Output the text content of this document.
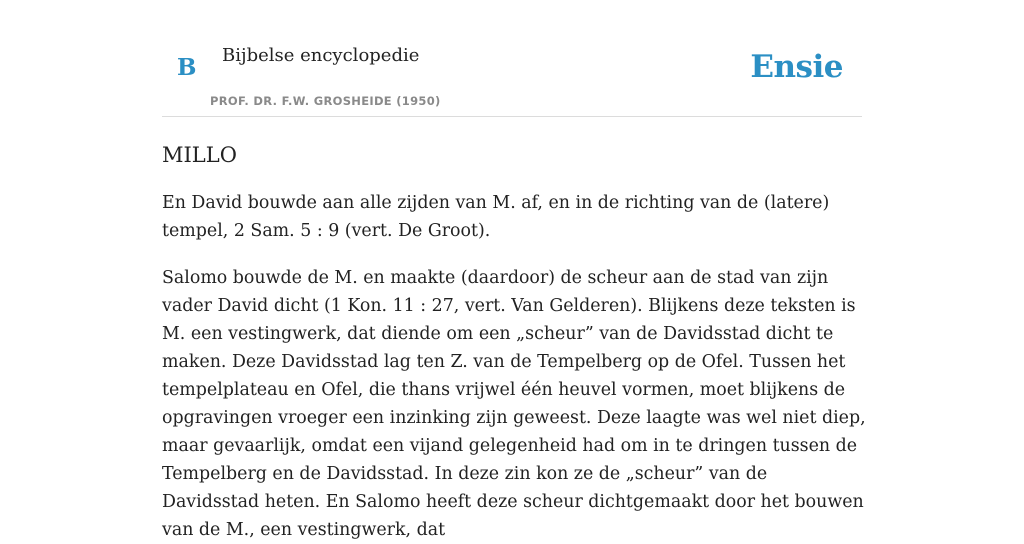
B Bijbelse encyclopedie
PROF. DR. F.W. GROSHEIDE (1950)
Ensie
MILLO

En David bouwde aan alle zijden van M. af, en in de richting van de (latere) tempel, 2 Sam. 5 : 9 (vert. De Groot).

Salomo bouwde de M. en maakte (daardoor) de scheur aan de stad van zijn vader David dicht (1 Kon. 11 : 27, vert. Van Gelderen). Blijkens deze teksten is M. een vestingwerk, dat diende om een „scheur” van de Davidsstad dicht te maken. Deze Davidsstad lag ten Z. van de Tempelberg op de Ofel. Tussen het tempelplateau en Ofel, die thans vrijwel één heuvel vormen, moet blijkens de opgravingen vroeger een inzinking zijn geweest. Deze laagte was wel niet diep, maar gevaarlijk, omdat een vijand gelegenheid had om in te dringen tussen de Tempelberg en de Davidsstad. In deze zin kon ze de „scheur” van de Davidsstad heten. En Salomo heeft deze scheur dichtgemaakt door het bouwen van de M., een vestingwerk, dat
